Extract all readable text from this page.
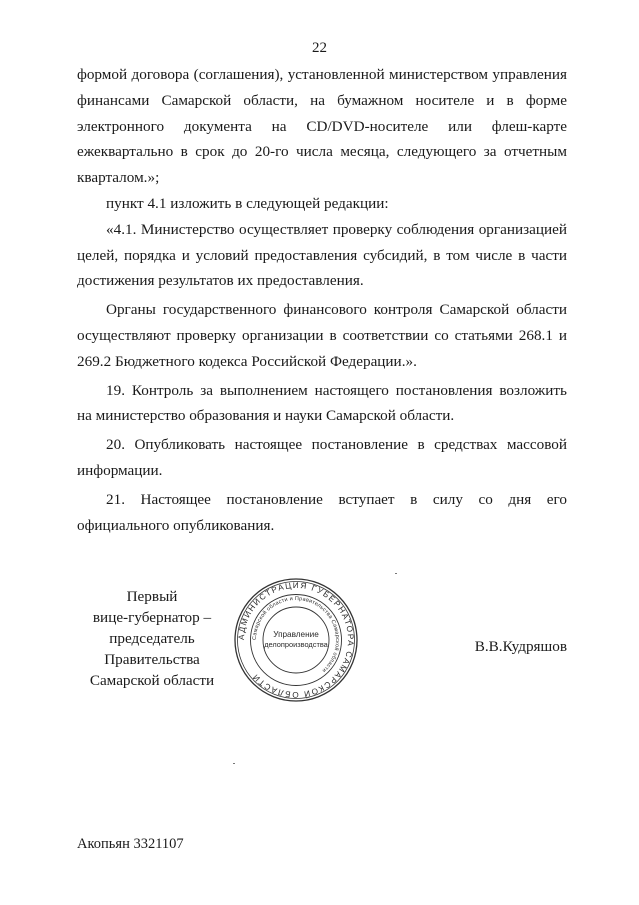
22

формой договора (соглашения), установленной министерством управления финансами Самарской области, на бумажном носителе и в форме электронного документа на CD/DVD-носителе или флеш-карте ежеквартально в срок до 20-го числа месяца, следующего за отчетным кварталом.»;

пункт 4.1 изложить в следующей редакции:

«4.1. Министерство осуществляет проверку соблюдения организацией целей, порядка и условий предоставления субсидий, в том числе в части достижения результатов их предоставления.

Органы государственного финансового контроля Самарской области осуществляют проверку организации в соответствии со статьями 268.1 и 269.2 Бюджетного кодекса Российской Федерации.».

19. Контроль за выполнением настоящего постановления возложить на министерство образования и науки Самарской области.

20. Опубликовать настоящее постановление в средствах массовой информации.

21. Настоящее постановление вступает в силу со дня его официального опубликования.

Первый
вице-губернатор –
председатель Правительства
Самарской области
АДМИНИСТРАЦИЯ ГУБЕРНАТОРА САМАРСКОЙ ОБЛАСТИ
Самарской области и Правительства Самарской области
Управление
делопроизводства	В.В.Кудряшов
Акопьян 3321107
